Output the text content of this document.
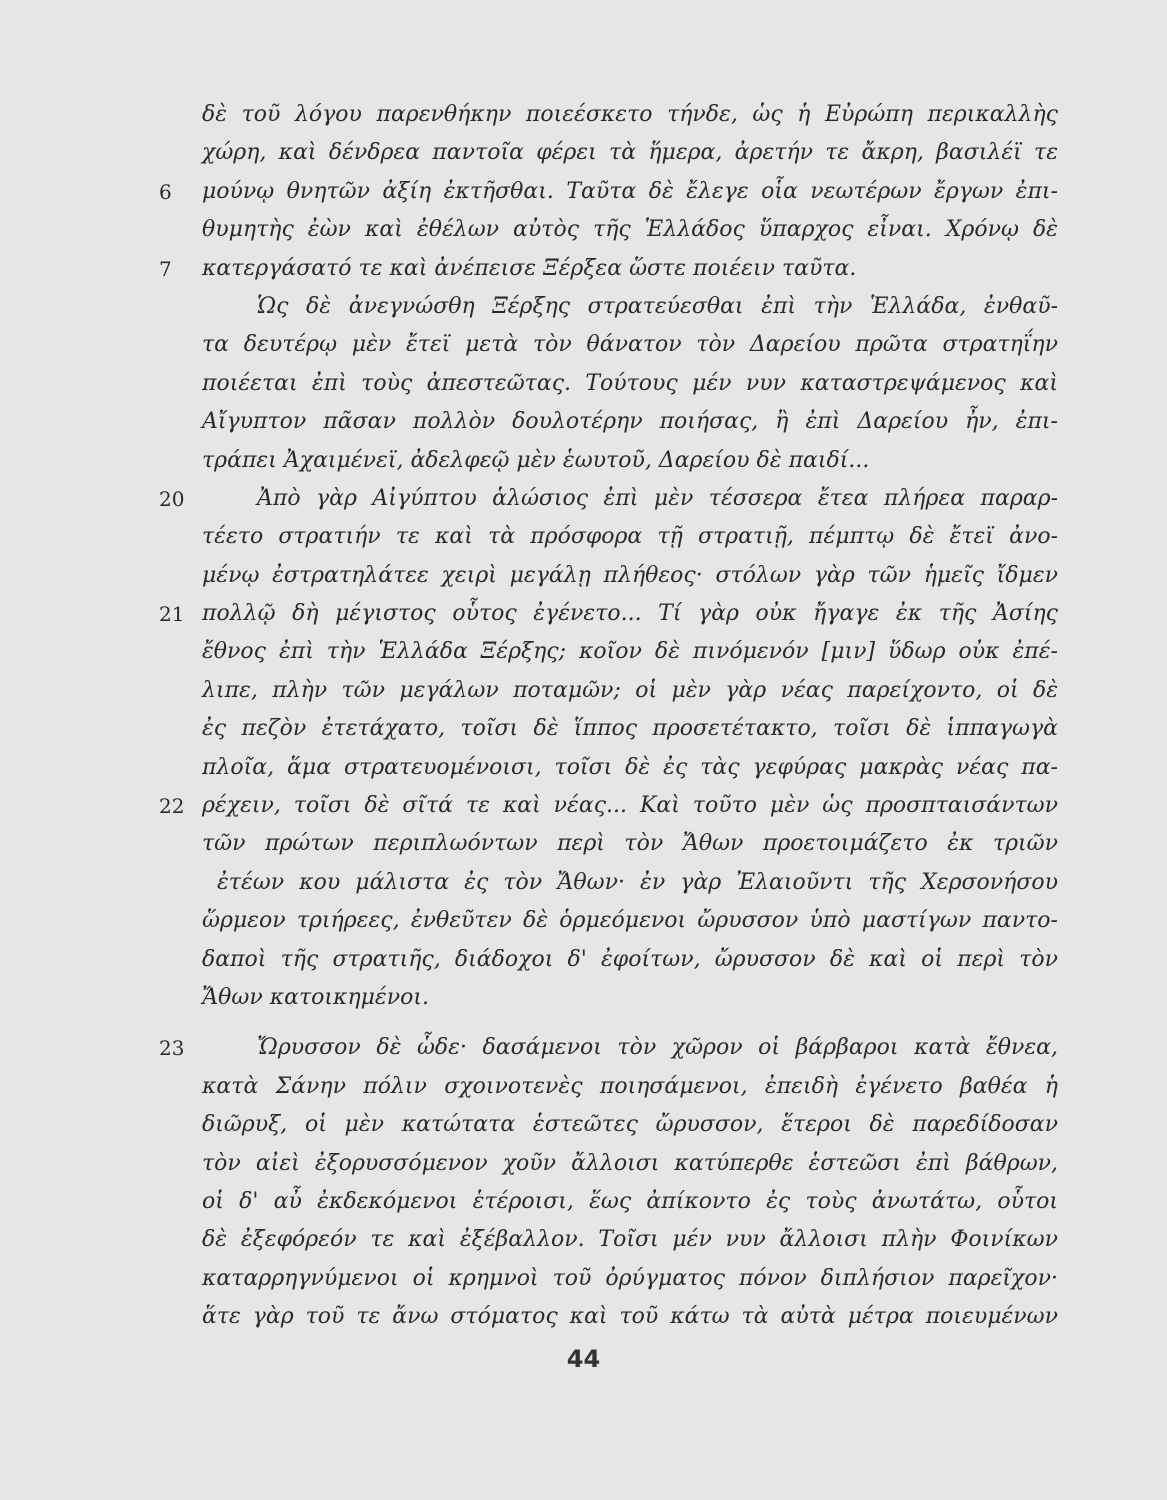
δὲ τοῦ λόγου παρενθήκην ποιεέσκετο τήνδε, ὡς ἡ Εὐρώπη περικαλλὴς
χώρη, καὶ δένδρεα παντοῖα φέρει τὰ ἥμερα, ἀρετήν τε ἄκρη, βασιλέϊ τε
6	μούνῳ θνητῶν ἀξίη ἐκτῆσθαι. Ταῦτα δὲ ἔλεγε οἷα νεωτέρων ἔργων ἐπι-
θυμητὴς ἐὼν καὶ ἐθέλων αὐτὸς τῆς Ἑλλάδος ὕπαρχος εἶναι. Χρόνῳ δὲ
7	κατεργάσατό τε καὶ ἀνέπεισε Ξέρξεα ὥστε ποιέειν ταῦτα.
Ὡς δὲ ἀνεγνώσθη Ξέρξης στρατεύεσθαι ἐπὶ τὴν Ἑλλάδα, ἐνθαῦ-
τα δευτέρῳ μὲν ἔτεϊ μετὰ τὸν θάνατον τὸν Δαρείου πρῶτα στρατηΐην
ποιέεται ἐπὶ τοὺς ἀπεστεῶτας. Τούτους μέν νυν καταστρεψάμενος καὶ
Αἴγυπτον πᾶσαν πολλὸν δουλοτέρην ποιήσας, ἢ ἐπὶ Δαρείου ἦν, ἐπι-
τράπει Ἀχαιμένεϊ, ἀδελφεῷ μὲν ἑωυτοῦ, Δαρείου δὲ παιδί...
20	Ἀπὸ γὰρ Αἰγύπτου ἁλώσιος ἐπὶ μὲν τέσσερα ἔτεα πλήρεα παραρ-
τέετο στρατιήν τε καὶ τὰ πρόσφορα τῇ στρατιῇ, πέμπτῳ δὲ ἔτεϊ ἀνο-
μένῳ ἐστρατηλάτεε χειρὶ μεγάλῃ πλήθεος· στόλων γὰρ τῶν ἡμεῖς ἴδμεν
21 πολλῷ δὴ μέγιστος οὗτος ἐγένετο... Τί γὰρ οὐκ ἤγαγε ἐκ τῆς Ἀσίης
ἔθνος ἐπὶ τὴν Ἑλλάδα Ξέρξης; κοῖον δὲ πινόμενόν [μιν] ὕδωρ οὐκ ἐπέ-
λιπε, πλὴν τῶν μεγάλων ποταμῶν; οἱ μὲν γὰρ νέας παρείχοντο, οἱ δὲ
ἐς πεζὸν ἐτετάχατο, τοῖσι δὲ ἵππος προσετέτακτο, τοῖσι δὲ ἱππαγωγὰ
πλοῖα, ἅμα στρατευομένοισι, τοῖσι δὲ ἐς τὰς γεφύρας μακρὰς νέας πα-
22 ρέχειν, τοῖσι δὲ σῖτά τε καὶ νέας... Καὶ τοῦτο μὲν ὡς προσπταισάντων
τῶν πρώτων περιπλωόντων περὶ τὸν Ἄθων προετοιμάζετο ἐκ τριῶν
ἐτέων κου μάλιστα ἐς τὸν Ἄθων· ἐν γὰρ Ἐλαιοῦντι τῆς Χερσονήσου
ὥρμεον τριήρεες, ἐνθεῦτεν δὲ ὁρμεόμενοι ὤρυσσον ὑπὸ μαστίγων παντο-
δαποὶ τῆς στρατιῆς, διάδοχοι δ' ἐφοίτων, ὤρυσσον δὲ καὶ οἱ περὶ τὸν
Ἄθων κατοικημένοι.
23	Ὤρυσσον δὲ ὧδε· δασάμενοι τὸν χῶρον οἱ βάρβαροι κατὰ ἔθνεα,
κατὰ Σάνην πόλιν σχοινοτενὲς ποιησάμενοι, ἐπειδὴ ἐγένετο βαθέα ἡ
διῶρυξ, οἱ μὲν κατώτατα ἑστεῶτες ὤρυσσον, ἕτεροι δὲ παρεδίδοσαν
τὸν αἰεὶ ἐξορυσσόμενον χοῦν ἄλλοισι κατύπερθε ἑστεῶσι ἐπὶ βάθρων,
οἱ δ' αὖ ἐκδεκόμενοι ἑτέροισι, ἕως ἀπίκοντο ἐς τοὺς ἀνωτάτω, οὗτοι
δὲ ἐξεφόρεόν τε καὶ ἐξέβαλλον. Τοῖσι μέν νυν ἄλλοισι πλὴν Φοινίκων
καταρρηγνύμενοι οἱ κρημνοὶ τοῦ ὀρύγματος πόνον διπλήσιον παρεῖχον·
ἅτε γὰρ τοῦ τε ἄνω στόματος καὶ τοῦ κάτω τὰ αὐτὰ μέτρα ποιευμένων
44
